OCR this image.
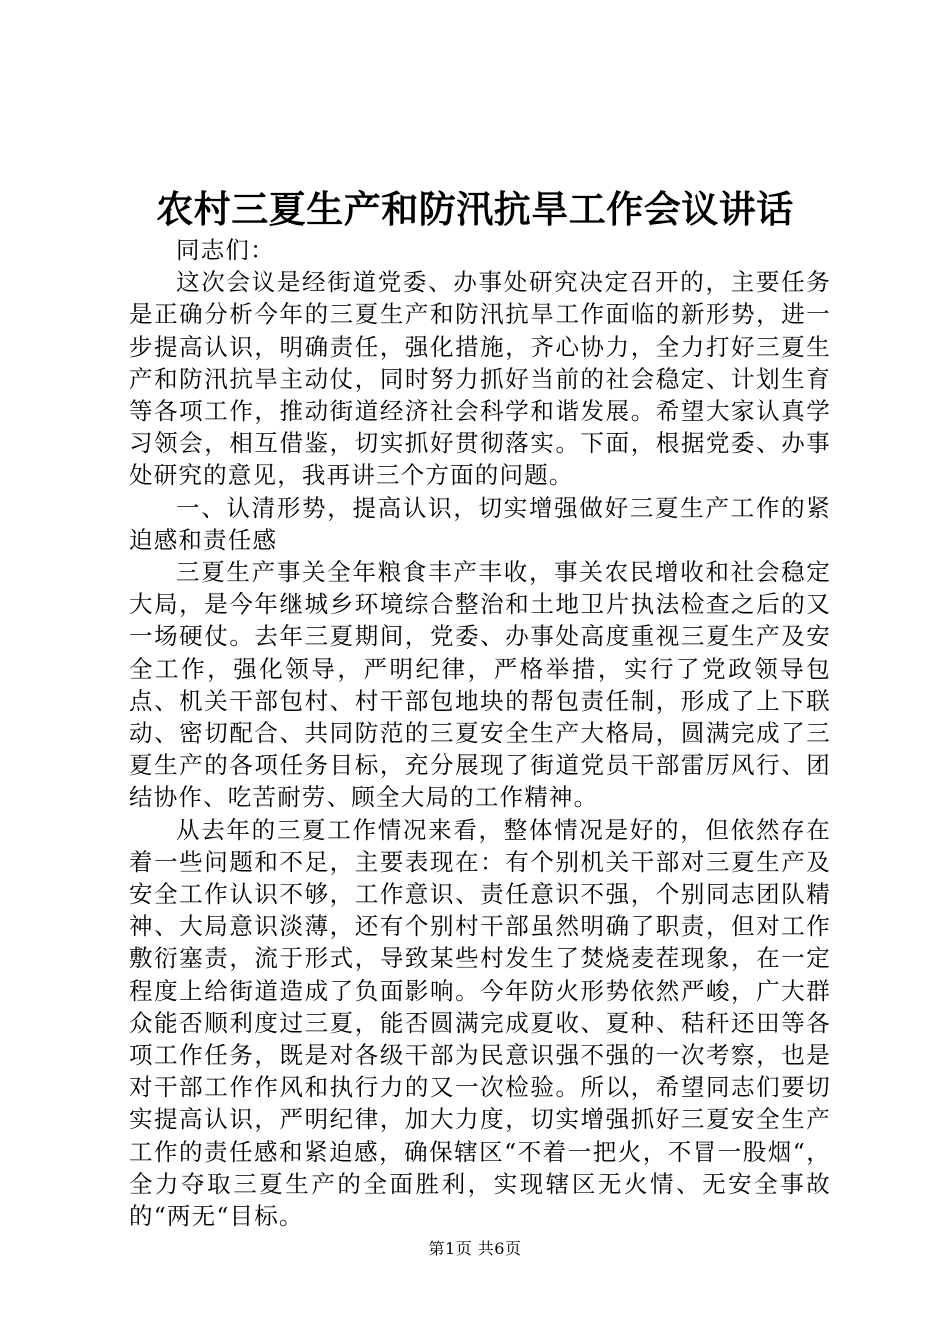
农村三夏生产和防汛抗旱工作会议讲话

同志们：

这次会议是经街道党委、办事处研究决定召开的，主要任务是正确分析今年的三夏生产和防汛抗旱工作面临的新形势，进一步提高认识，明确责任，强化措施，齐心协力，全力打好三夏生产和防汛抗旱主动仗，同时努力抓好当前的社会稳定、计划生育等各项工作，推动街道经济社会科学和谐发展。希望大家认真学习领会，相互借鉴，切实抓好贯彻落实。下面，根据党委、办事处研究的意见，我再讲三个方面的问题。

一、认清形势，提高认识，切实增强做好三夏生产工作的紧迫感和责任感

三夏生产事关全年粮食丰产丰收，事关农民增收和社会稳定大局，是今年继城乡环境综合整治和土地卫片执法检查之后的又一场硬仗。去年三夏期间，党委、办事处高度重视三夏生产及安全工作，强化领导，严明纪律，严格举措，实行了党政领导包点、机关干部包村、村干部包地块的帮包责任制，形成了上下联动、密切配合、共同防范的三夏安全生产大格局，圆满完成了三夏生产的各项任务目标，充分展现了街道党员干部雷厉风行、团结协作、吃苦耐劳、顾全大局的工作精神。

从去年的三夏工作情况来看，整体情况是好的，但依然存在着一些问题和不足，主要表现在：有个别机关干部对三夏生产及安全工作认识不够，工作意识、责任意识不强，个别同志团队精神、大局意识淡薄，还有个别村干部虽然明确了职责，但对工作敷衍塞责，流于形式，导致某些村发生了焚烧麦茬现象，在一定程度上给街道造成了负面影响。今年防火形势依然严峻，广大群众能否顺利度过三夏，能否圆满完成夏收、夏种、秸秆还田等各项工作任务，既是对各级干部为民意识强不强的一次考察，也是对干部工作作风和执行力的又一次检验。所以，希望同志们要切实提高认识，严明纪律，加大力度，切实增强抓好三夏安全生产工作的责任感和紧迫感，确保辖区“不着一把火，不冒一股烟“，全力夺取三夏生产的全面胜利，实现辖区无火情、无安全事故的“两无“目标。

第1页 共6页
